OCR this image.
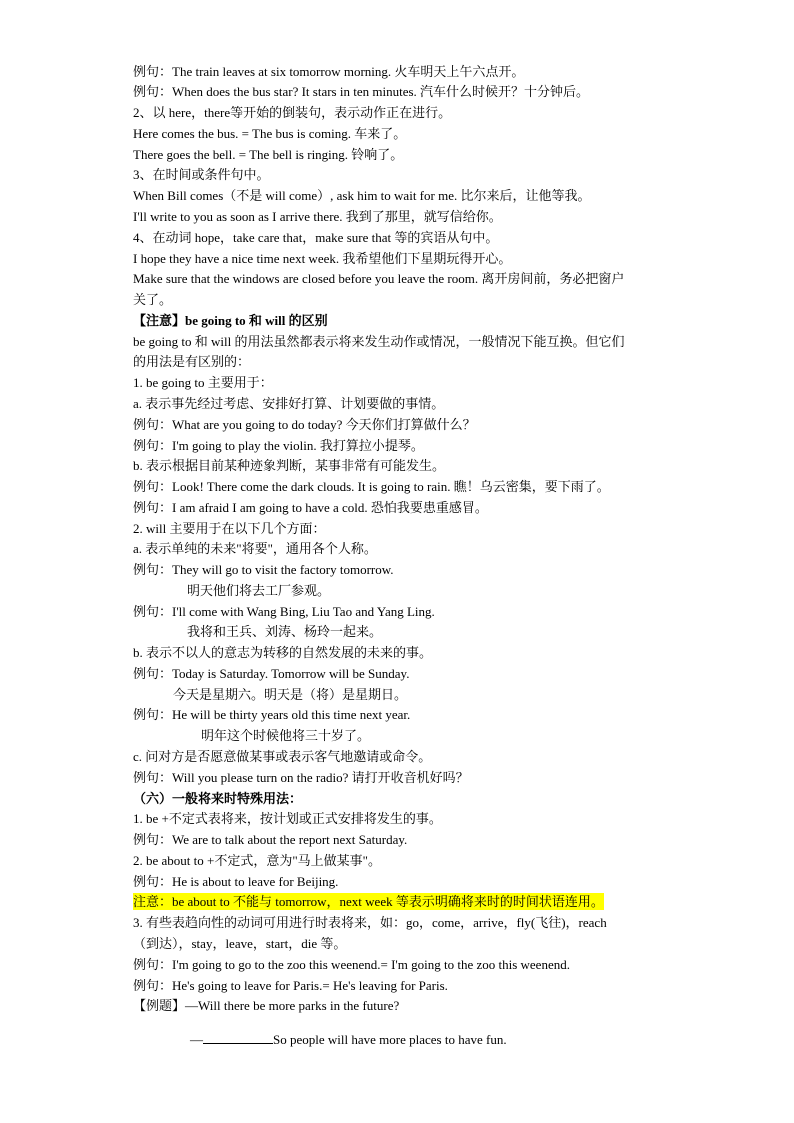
例句：The train leaves at six tomorrow morning. 火车明天上午六点开。
例句：When does the bus star? It stars in ten minutes. 汽车什么时候开？十分钟后。
2、以 here，there等开始的倒装句，表示动作正在进行。
Here comes the bus. = The bus is coming. 车来了。
There goes the bell. = The bell is ringing. 铃响了。
3、在时间或条件句中。
When Bill comes（不是 will come）, ask him to wait for me. 比尔来后，让他等我。
I'll write to you as soon as I arrive there. 我到了那里，就写信给你。
4、在动词 hope，take care that，make sure that 等的宾语从句中。
I hope they have a nice time next week. 我希望他们下星期玩得开心。
Make sure that the windows are closed before you leave the room. 离开房间前，务必把窗户
关了。
【注意】be going to 和 will 的区别
be going to 和 will 的用法虽然都表示将来发生动作或情况，一般情况下能互换。但它们
的用法是有区别的：
1. be going to 主要用于：
a. 表示事先经过考虑、安排好打算、计划要做的事情。
例句：What are you going to do today? 今天你们打算做什么？
例句：I'm going to play the violin. 我打算拉小提琴。
b. 表示根据目前某种迹象判断，某事非常有可能发生。
例句：Look! There come the dark clouds. It is going to rain. 瞧！乌云密集，要下雨了。
例句：I am afraid I am going to have a cold. 恐怕我要患重感冒。
2. will 主要用于在以下几个方面：
a. 表示单纯的未来"将要"，通用各个人称。
例句：They will go to visit the factory tomorrow.
明天他们将去工厂参观。
例句：I'll come with Wang Bing, Liu Tao and Yang Ling.
我将和王兵、刘涛、杨玲一起来。
b. 表示不以人的意志为转移的自然发展的未来的事。
例句：Today is Saturday. Tomorrow will be Sunday.
今天是星期六。明天是（将）是星期日。
例句：He will be thirty years old this time next year.
明年这个时候他将三十岁了。
c. 问对方是否愿意做某事或表示客气地邀请或命令。
例句：Will you please turn on the radio? 请打开收音机好吗？
（六）一般将来时特殊用法：
1. be +不定式表将来，按计划或正式安排将发生的事。
例句：We are to talk about the report next Saturday.
2. be about to +不定式，意为"马上做某事"。
例句：He is about to leave for Beijing.
注意：be about to 不能与 tomorrow，next week 等表示明确将来时的时间状语连用。
3. 有些表趋向性的动词可用进行时表将来，如：go，come，arrive，fly(飞往)，reach
（到达），stay，leave，start，die 等。
例句：I'm going to go to the zoo this weenend.= I'm going to the zoo this weenend.
例句：He's going to leave for Paris.= He's leaving for Paris.
【例题】—Will there be more parks in the future?
—	So people will have more places to have fun.
